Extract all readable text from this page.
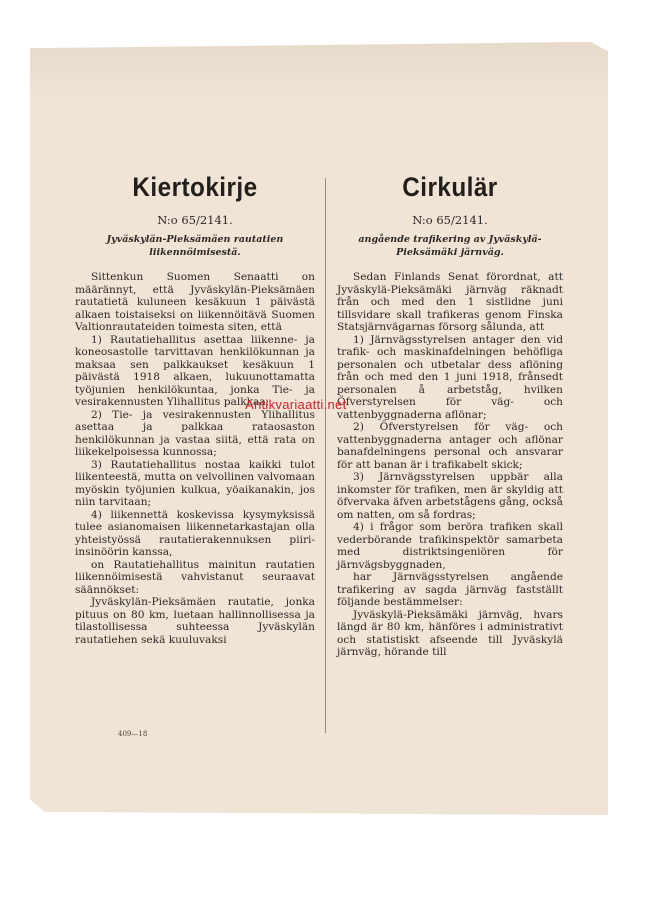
Kiertokirje
N:o 65/2141.
Jyväskylän-Pieksämäen rautatien liikennöimisestä.

Sittenkun Suomen Senaatti on määrännyt, että Jyväskylän-Pieksämäen rautatietä kuluneen kesäkuun 1 päivästä alkaen toistaiseksi on liikennöitävä Suomen Valtionrautateiden toimesta siten, että

1) Rautatiehallitus asettaa liikenne- ja koneosastolle tarvittavan henkilökunnan ja maksaa sen palkkaukset kesäkuun 1 päivästä 1918 alkaen, lukuunottamatta työjunien henkilökuntaa, jonka Tie- ja vesirakennusten Ylihallitus palkkaa;

2) Tie- ja vesirakennusten Ylihallitus asettaa ja palkkaa rataosaston henkilökunnan ja vastaa siitä, että rata on liikekelpoisessa kunnossa;

3) Rautatiehallitus nostaa kaikki tulot liikenteestä, mutta on velvollinen valvomaan myöskin työjunien kulkua, yöaikanakin, jos niin tarvitaan;

4) liikennettä koskevissa kysymyksissä tulee asianomaisen liikennetarkastajan olla yhteistyössä rautatierakennuksen piiri-insinöörin kanssa,

on Rautatiehallitus mainitun rautatien liikennöimisestä vahvistanut seuraavat säännökset:

Jyväskylän-Pieksämäen rautatie, jonka pituus on 80 km, luetaan hallinnollisessa ja tilastollisessa suhteessa Jyväskylän rautatiehen sekä kuuluvaksi

Cirkulär
N:o 65/2141.
angående trafikering av Jyväskylä-Pieksämäki järnväg.

Sedan Finlands Senat förordnat, att Jyväskylä-Pieksämäki järnväg räknadt från och med den 1 sistlidne juni tillsvidare skall trafikeras genom Finska Statsjärnvägarnas försorg sålunda, att

1) Järnvägsstyrelsen antager den vid trafik- och maskinafdelningen behöfliga personalen och utbetalar dess aflöning från och med den 1 juni 1918, frånsedt personalen å arbetståg, hvilken Öfverstyrelsen för väg- och vattenbyggnaderna aflönar;

2) Öfverstyrelsen för väg- och vattenbyggnaderna antager och aflönar banafdelningens personal och ansvarar för att banan är i trafikabelt skick;

3) Järnvägsstyrelsen uppbär alla inkomster för trafiken, men är skyldig att öfvervaka äfven arbetstågens gång, också om natten, om så fordras;

4) i frågor som beröra trafiken skall vederbörande trafikinspektör samarbeta med distriktsingeniören för järnvägsbyggnaden,

har Järnvägsstyrelsen angående trafikering av sagda järnväg fastställt följande bestämmelser:

Jyväskylä-Pieksämäki järnväg, hvars längd är 80 km, hänföres i administrativt och statistiskt afseende till Jyväskylä järnväg, hörande till

409—18
Antikvariaatti.net
